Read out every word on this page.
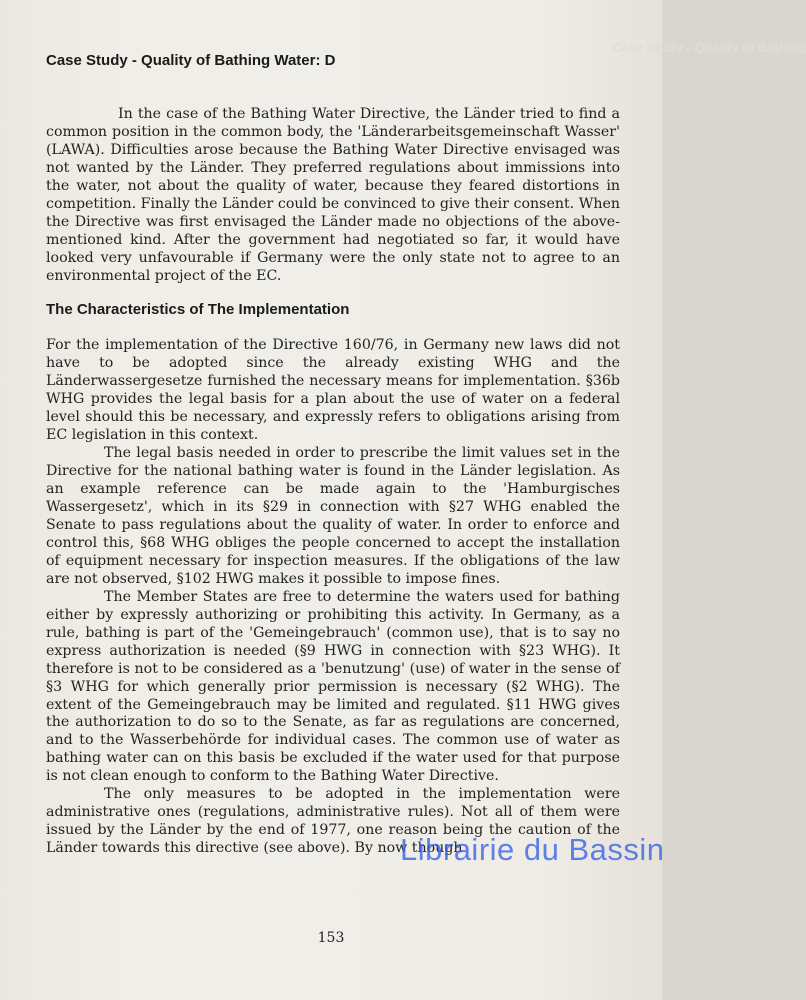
Case Study - Quality of Bathing
Case Study - Quality of Bathing Water: D

In the case of the Bathing Water Directive, the Länder tried to find a common position in the common body, the 'Länderarbeitsgemeinschaft Wasser' (LAWA). Difficulties arose because the Bathing Water Directive envisaged was not wanted by the Länder. They preferred regulations about immissions into the water, not about the quality of water, because they feared distortions in competition. Finally the Länder could be convinced to give their consent. When the Directive was first envisaged the Länder made no objections of the above-mentioned kind. After the government had negotiated so far, it would have looked very unfavourable if Germany were the only state not to agree to an environmental project of the EC.

The Characteristics of The Implementation

For the implementation of the Directive 160/76, in Germany new laws did not have to be adopted since the already existing WHG and the Länderwassergesetze furnished the necessary means for implementation. §36b WHG provides the legal basis for a plan about the use of water on a federal level should this be necessary, and expressly refers to obligations arising from EC legislation in this context.

The legal basis needed in order to prescribe the limit values set in the Directive for the national bathing water is found in the Länder legislation. As an example reference can be made again to the 'Hamburgisches Wassergesetz', which in its §29 in connection with §27 WHG enabled the Senate to pass regulations about the quality of water. In order to enforce and control this, §68 WHG obliges the people concerned to accept the installation of equipment necessary for inspection measures. If the obligations of the law are not observed, §102 HWG makes it possible to impose fines.

The Member States are free to determine the waters used for bathing either by expressly authorizing or prohibiting this activity. In Germany, as a rule, bathing is part of the 'Gemeingebrauch' (common use), that is to say no express authorization is needed (§9 HWG in connection with §23 WHG). It therefore is not to be considered as a 'benutzung' (use) of water in the sense of §3 WHG for which generally prior permission is necessary (§2 WHG). The extent of the Gemeingebrauch may be limited and regulated. §11 HWG gives the authorization to do so to the Senate, as far as regulations are concerned, and to the Wasserbehörde for individual cases. The common use of water as bathing water can on this basis be excluded if the water used for that purpose is not clean enough to conform to the Bathing Water Directive.

The only measures to be adopted in the implementation were administrative ones (regulations, administrative rules). Not all of them were issued by the Länder by the end of 1977, one reason being the caution of the Länder towards this directive (see above). By now though

153
Librairie du Bassin
